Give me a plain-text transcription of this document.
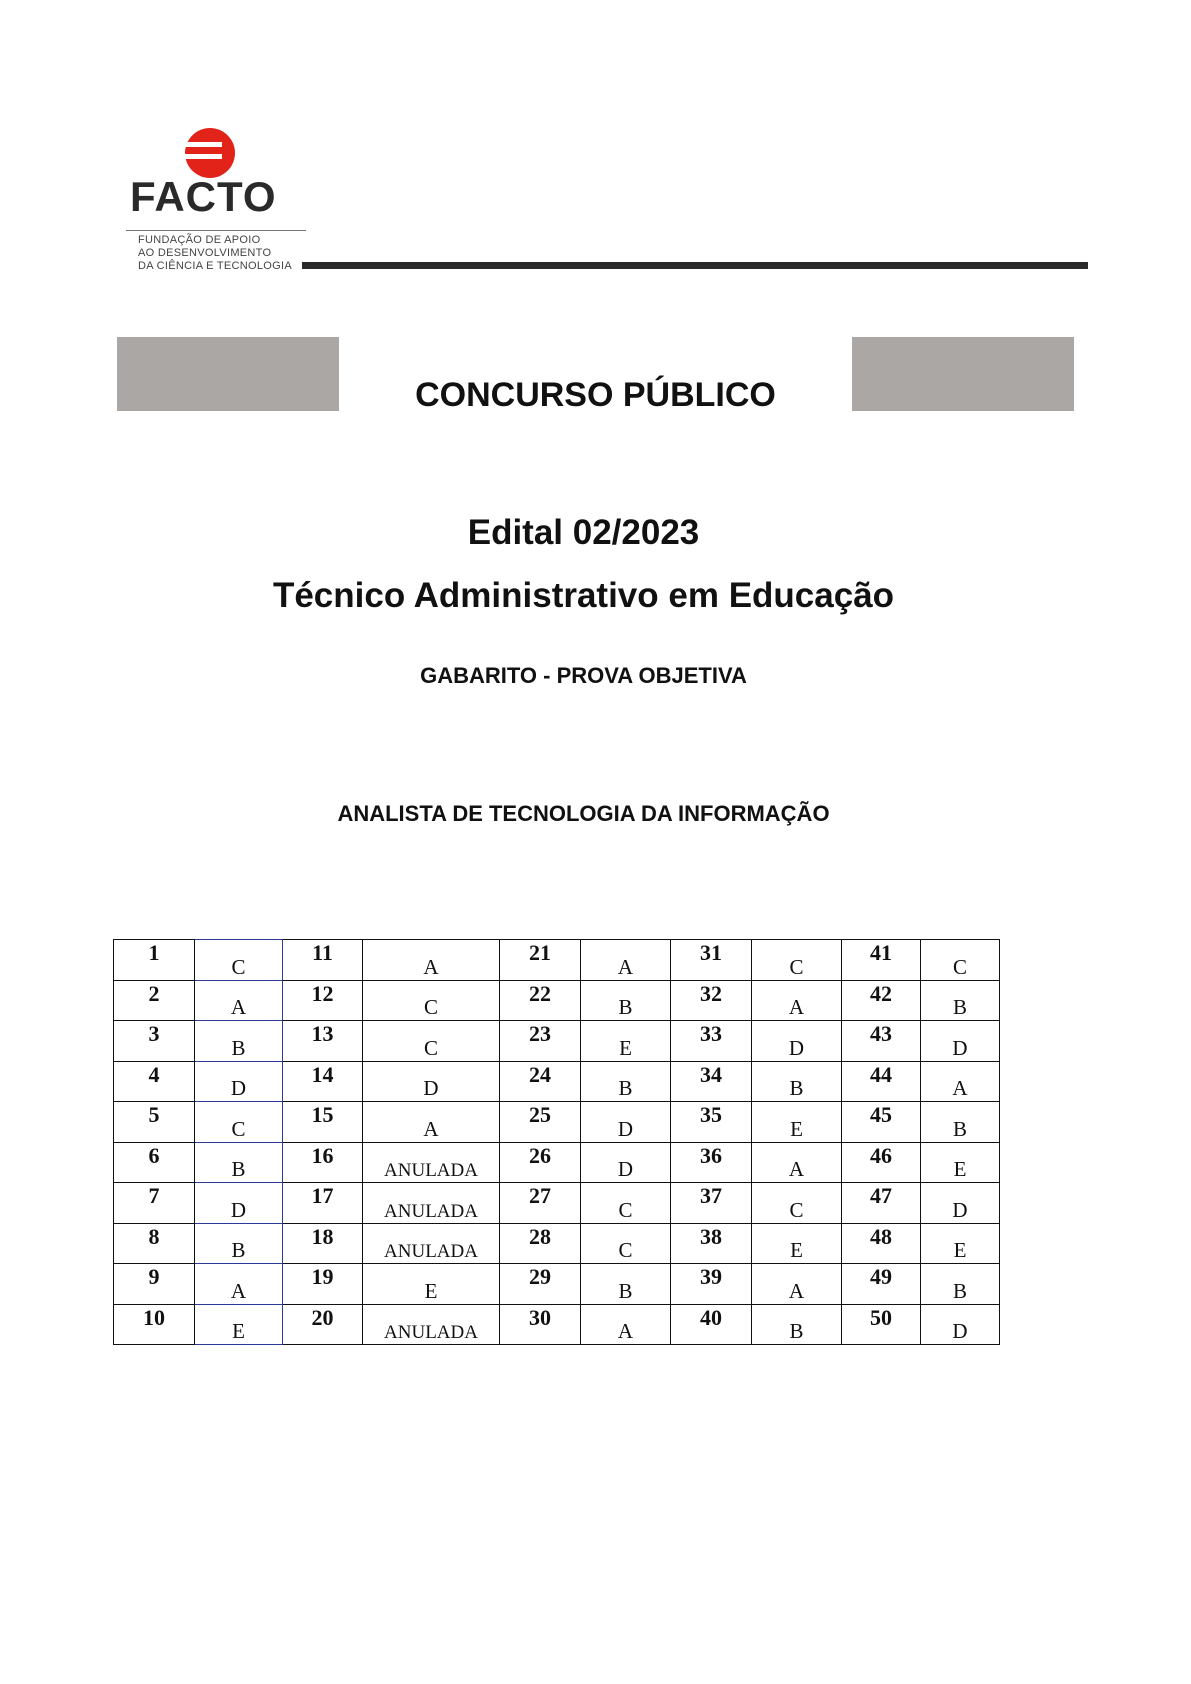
FACTO
FUNDAÇÃO DE APOIO
AO DESENVOLVIMENTO
DA CIÊNCIA E TECNOLOGIA
CONCURSO PÚBLICO
Edital 02/2023
Técnico Administrativo em Educação
GABARITO - PROVA OBJETIVA
ANALISTA DE TECNOLOGIA DA INFORMAÇÃO
1	C	11	A	21	A	31	C	41	C
2	A	12	C	22	B	32	A	42	B
3	B	13	C	23	E	33	D	43	D
4	D	14	D	24	B	34	B	44	A
5	C	15	A	25	D	35	E	45	B
6	B	16	ANULADA	26	D	36	A	46	E
7	D	17	ANULADA	27	C	37	C	47	D
8	B	18	ANULADA	28	C	38	E	48	E
9	A	19	E	29	B	39	A	49	B
10	E	20	ANULADA	30	A	40	B	50	D
